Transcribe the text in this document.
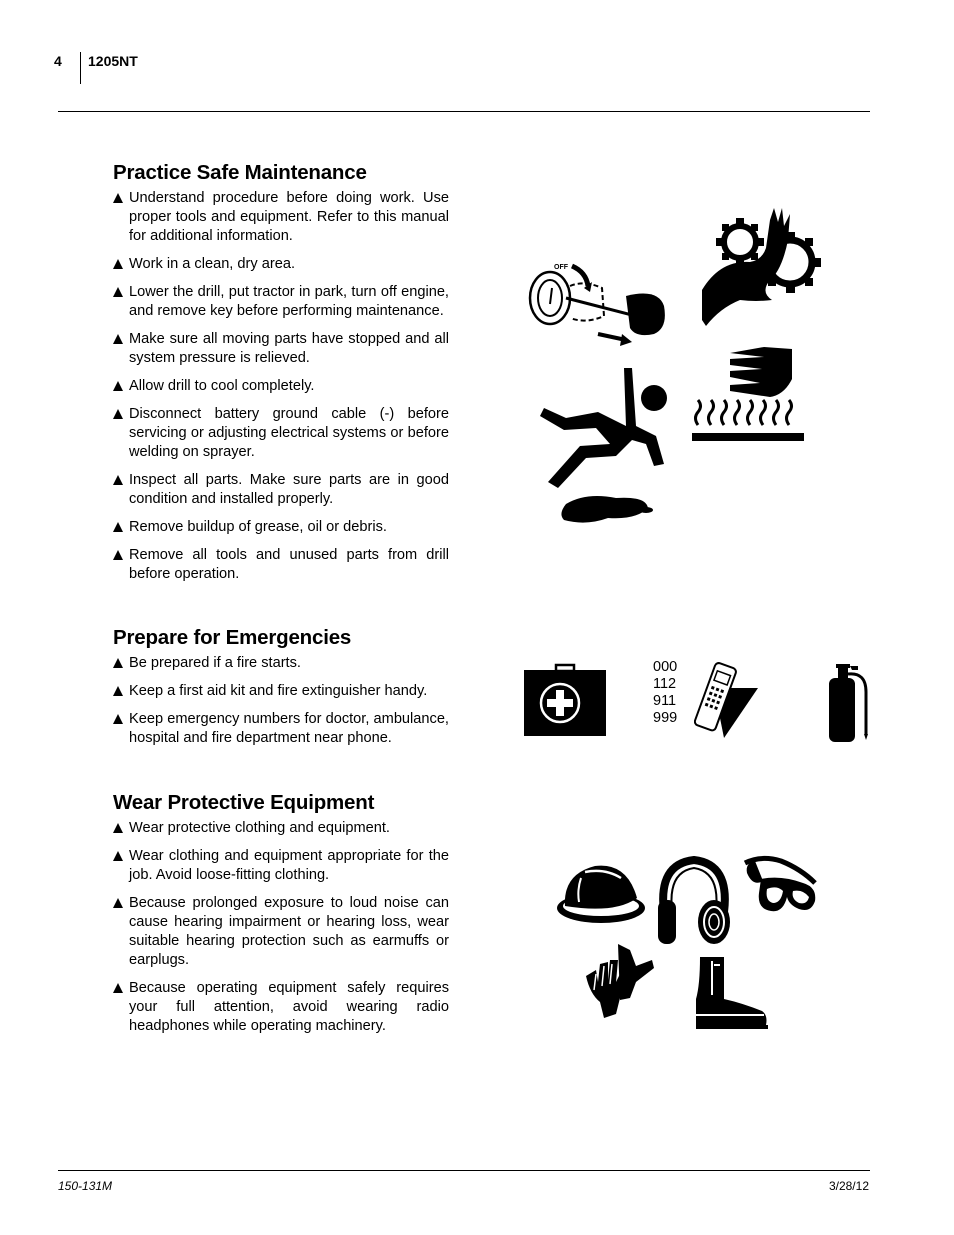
4 1205NT
Practice Safe Maintenance
Understand procedure before doing work. Use proper tools and equipment. Refer to this manual for additional information.
Work in a clean, dry area.
Lower the drill, put tractor in park, turn off engine, and remove key before performing maintenance.
Make sure all moving parts have stopped and all system pressure is relieved.
Allow drill to cool completely.
Disconnect battery ground cable (-) before servicing or adjusting electrical systems or before welding on sprayer.
Inspect all parts. Make sure parts are in good condition and installed properly.
Remove buildup of grease, oil or debris.
Remove all tools and unused parts from drill before operation.
Prepare for Emergencies
Be prepared if a fire starts.
Keep a first aid kit and fire extinguisher handy.
Keep emergency numbers for doctor, ambulance, hospital and fire department near phone.
Wear Protective Equipment
Wear protective clothing and equipment.
Wear clothing and equipment appropriate for the job. Avoid loose-fitting clothing.
Because prolonged exposure to loud noise can cause hearing impairment or hearing loss, wear suitable hearing protection such as earmuffs or earplugs.
Because operating equipment safely requires your full attention, avoid wearing radio headphones while operating machinery.
OFF
000
112
911
999
150-131M	3/28/12
